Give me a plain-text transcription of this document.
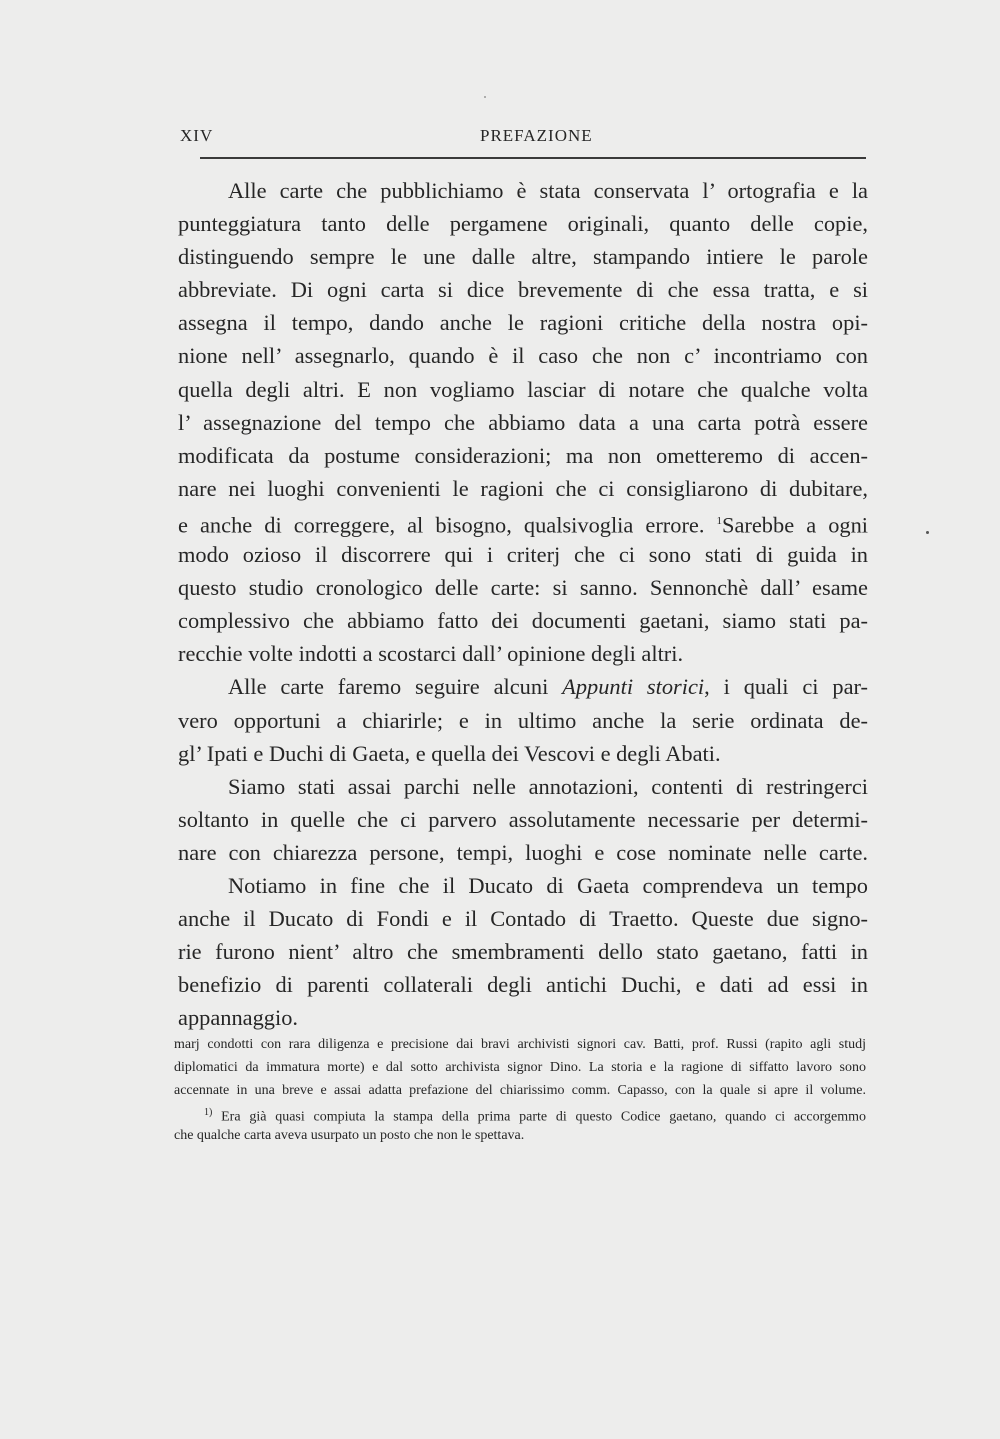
XIV	PREFAZIONE
Alle carte che pubblichiamo è stata conservata l’ ortografia e la
punteggiatura tanto delle pergamene originali, quanto delle copie,
distinguendo sempre le une dalle altre, stampando intiere le parole
abbreviate. Di ogni carta si dice brevemente di che essa tratta, e si
assegna il tempo, dando anche le ragioni critiche della nostra opi-
nione nell’ assegnarlo, quando è il caso che non c’ incontriamo con
quella degli altri. E non vogliamo lasciar di notare che qualche volta
l’ assegnazione del tempo che abbiamo data a una carta potrà essere
modificata da postume considerazioni; ma non ometteremo di accen-
nare nei luoghi convenienti le ragioni che ci consigliarono di dubitare,
e anche di correggere, al bisogno, qualsivoglia errore. $^1$Sarebbe a ogni
modo ozioso il discorrere qui i criterj che ci sono stati di guida in
questo studio cronologico delle carte: si sanno. Sennonchè dall’ esame
complessivo che abbiamo fatto dei documenti gaetani, siamo stati pa-
recchie volte indotti a scostarci dall’ opinione degli altri.
Alle carte faremo seguire alcuni Appunti storici, i quali ci par-
vero opportuni a chiarirle; e in ultimo anche la serie ordinata de-
gl’ Ipati e Duchi di Gaeta, e quella dei Vescovi e degli Abati.
Siamo stati assai parchi nelle annotazioni, contenti di restringerci
soltanto in quelle che ci parvero assolutamente necessarie per determi-
nare con chiarezza persone, tempi, luoghi e cose nominate nelle carte.
Notiamo in fine che il Ducato di Gaeta comprendeva un tempo
anche il Ducato di Fondi e il Contado di Traetto. Queste due signo-
rie furono nient’ altro che smembramenti dello stato gaetano, fatti in
benefizio di parenti collaterali degli antichi Duchi, e dati ad essi in
appannaggio.
marj condotti con rara diligenza e precisione dai bravi archivisti signori cav. Batti, prof. Russi (rapito agli studj
diplomatici da immatura morte) e dal sotto archivista signor Dino. La storia e la ragione di siffatto lavoro sono
accennate in una breve e assai adatta prefazione del chiarissimo comm. Capasso, con la quale si apre il volume.
$^{1)}$ Era già quasi compiuta la stampa della prima parte di questo Codice gaetano, quando ci accorgemmo
che qualche carta aveva usurpato un posto che non le spettava.
